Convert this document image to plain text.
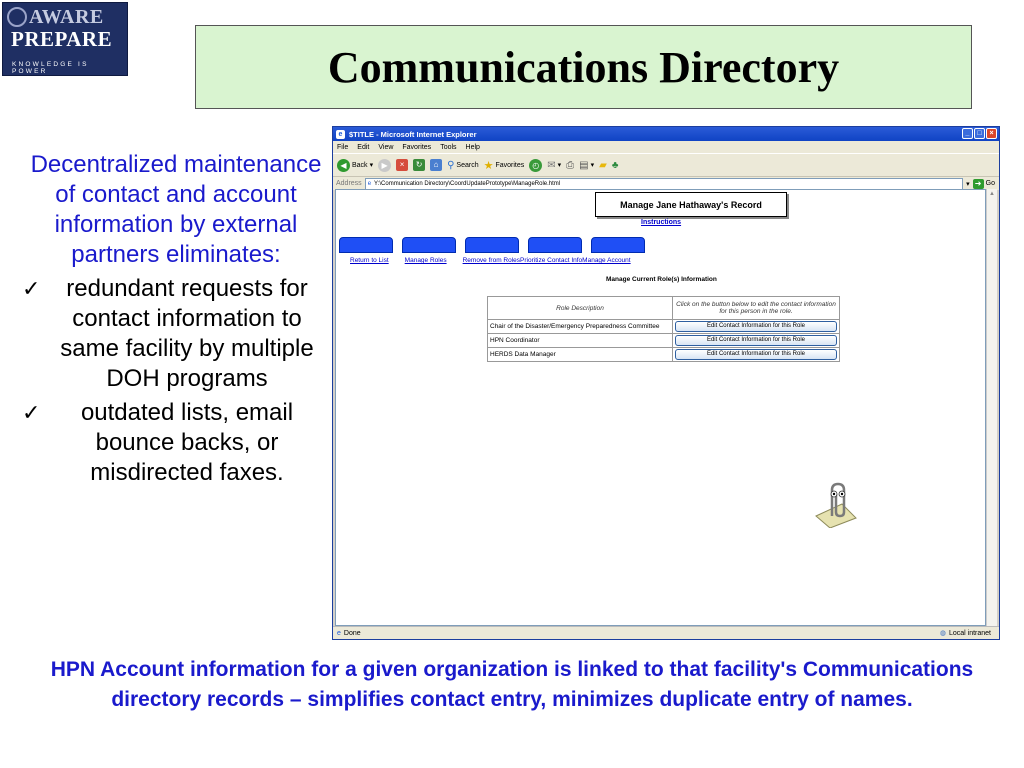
AWARE
PREPARE
KNOWLEDGE IS POWER	Communications Directory
Decentralized maintenance of contact and account information by external partners eliminates:
✓ redundant requests for contact information to same facility by multiple DOH programs
✓ outdated lists, email bounce backs, or misdirected faxes.
e $TITLE - Microsoft Internet Explorer	_	□	×
File Edit View Favorites Tools Help
◀ Back ▾	▶	×	↻	⌂ ⚲ Search ★ Favorites	◴ ✉ ▾ ⎙ ▤ ▾ ▰ ♣
Address e Y:\Communication Directory\CoordUpdatePrototype\ManageRole.html	▾ ➜ Go
Manage Jane Hathaway's Record
Instructions
Return to List Manage Roles Remove from Roles Prioritize Contact Info Manage Account
Manage Current Role(s) Information
Role Description	Click on the button below to edit the contact information for this person in the role.
Chair of the Disaster/Emergency Preparedness Committee	Edit Contact Information for this Role

HPN Coordinator	Edit Contact Information for this Role

HERDS Data Manager	Edit Contact Information for this Role
▲
e Done	◍ Local intranet
HPN Account information for a given organization is linked to that facility's Communications directory records – simplifies contact entry, minimizes duplicate entry of names.
